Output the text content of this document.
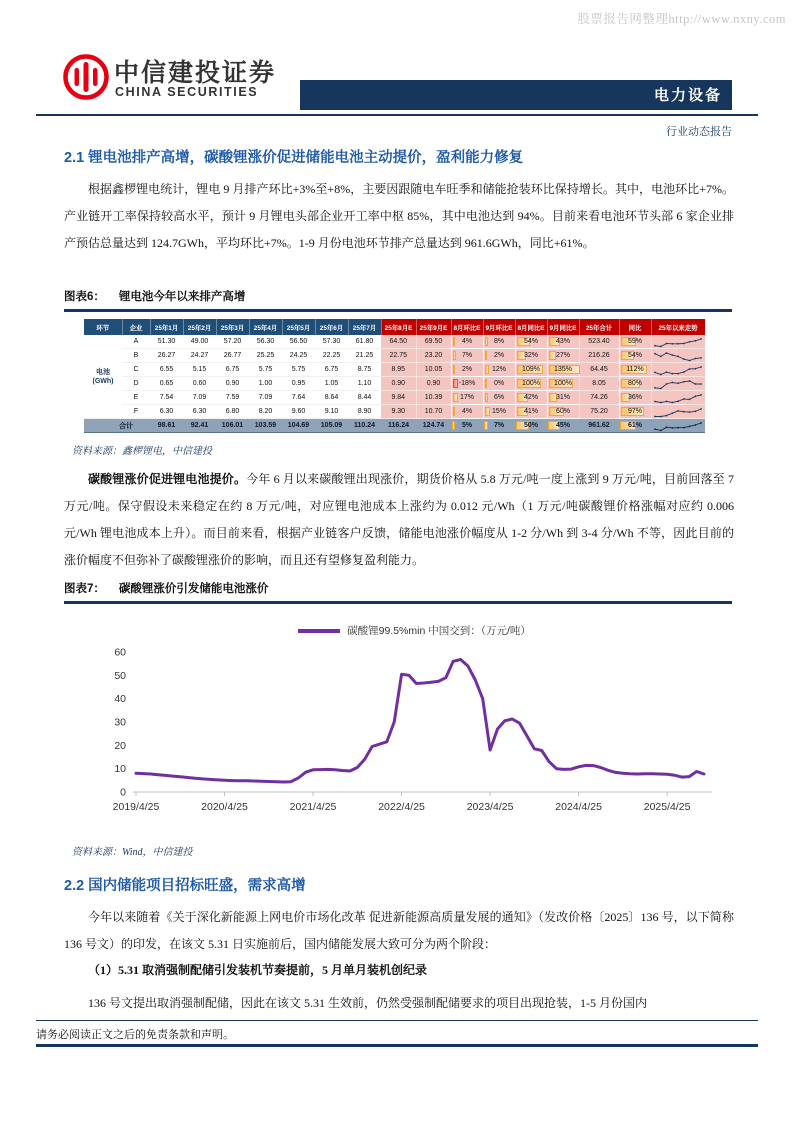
股票报告网整理http://www.nxny.com
中信建投证券
CHINA SECURITIES	电力设备
行业动态报告
2.1 锂电池排产高增，碳酸锂涨价促进储能电池主动提价，盈利能力修复
根据鑫椤锂电统计，锂电 9 月排产环比+3%至+8%，主要因跟随电车旺季和储能抢装环比保持增长。其中，电池环比+7%。产业链开工率保持较高水平，预计 9 月锂电头部企业开工率中枢 85%，其中电池达到 94%。目前来看电池环节头部 6 家企业排产预估总量达到 124.7GWh，平均环比+7%。1-9 月份电池环节排产总量达到 961.6GWh，同比+61%。
图表6： 锂电池今年以来排产高增
环节	企业	25年1月	25年2月	25年3月	25年4月	25年5月	25年6月	25年7月	25年8月E	25年9月E	8月环比E	9月环比E	8月同比E	9月同比E	25年合计	同比	25年以来走势
电池
(GWh)	A	51.30	49.00	57.20	56.30	56.50	57.30	61.80	64.50	69.50	4%	8%	54%	43%	523.40	59%	

	B	26.27	24.27	26.77	25.25	24.25	22.25	21.25	22.75	23.20	7%	2%	32%	27%	216.26	54%	

	C	6.55	5.15	6.75	5.75	5.75	6.75	8.75	8.95	10.05	2%	12%	109%	135%	64.45	112%	

	D	0.65	0.60	0.90	1.00	0.95	1.05	1.10	0.90	0.90	-18%	0%	100%	100%	8.05	80%	

	E	7.54	7.09	7.59	7.09	7.64	8.64	8.44	9.84	10.39	17%	6%	42%	31%	74.26	36%	

	F	6.30	6.30	6.80	8.20	9.60	9.10	8.90	9.30	10.70	4%	15%	41%	60%	75.20	97%	

合计		98.61	92.41	106.01	103.59	104.69	105.09	110.24	116.24	124.74	5%	7%	50%	45%	961.62	61%	
资料来源：鑫椤锂电，中信建投
碳酸锂涨价促进锂电池提价。今年 6 月以来碳酸锂出现涨价，期货价格从 5.8 万元/吨一度上涨到 9 万元/吨，目前回落至 7 万元/吨。保守假设未来稳定在约 8 万元/吨，对应锂电池成本上涨约为 0.012 元/Wh（1 万元/吨碳酸锂价格涨幅对应约 0.006 元/Wh 锂电池成本上升）。而目前来看，根据产业链客户反馈，储能电池涨价幅度从 1-2 分/Wh 到 3-4 分/Wh 不等，因此目前的涨价幅度不但弥补了碳酸锂涨价的影响，而且还有望修复盈利能力。
图表7： 碳酸锂涨价引发储能电池涨价
碳酸锂99.5%min 中国交到：（万元/吨）
0
10
20
30
40
50
60
2019/4/25	2020/4/25	2021/4/25	2022/4/25	2023/4/25	2024/4/25	2025/4/25
资料来源：Wind，中信建投
2.2 国内储能项目招标旺盛，需求高增
今年以来随着《关于深化新能源上网电价市场化改革 促进新能源高质量发展的通知》（发改价格〔2025〕136 号，以下简称 136 号文）的印发，在该文 5.31 日实施前后，国内储能发展大致可分为两个阶段：
（1）5.31 取消强制配储引发装机节奏提前，5 月单月装机创纪录
136 号文提出取消强制配储，因此在该文 5.31 生效前，仍然受强制配储要求的项目出现抢装，1-5 月份国内
请务必阅读正文之后的免责条款和声明。
